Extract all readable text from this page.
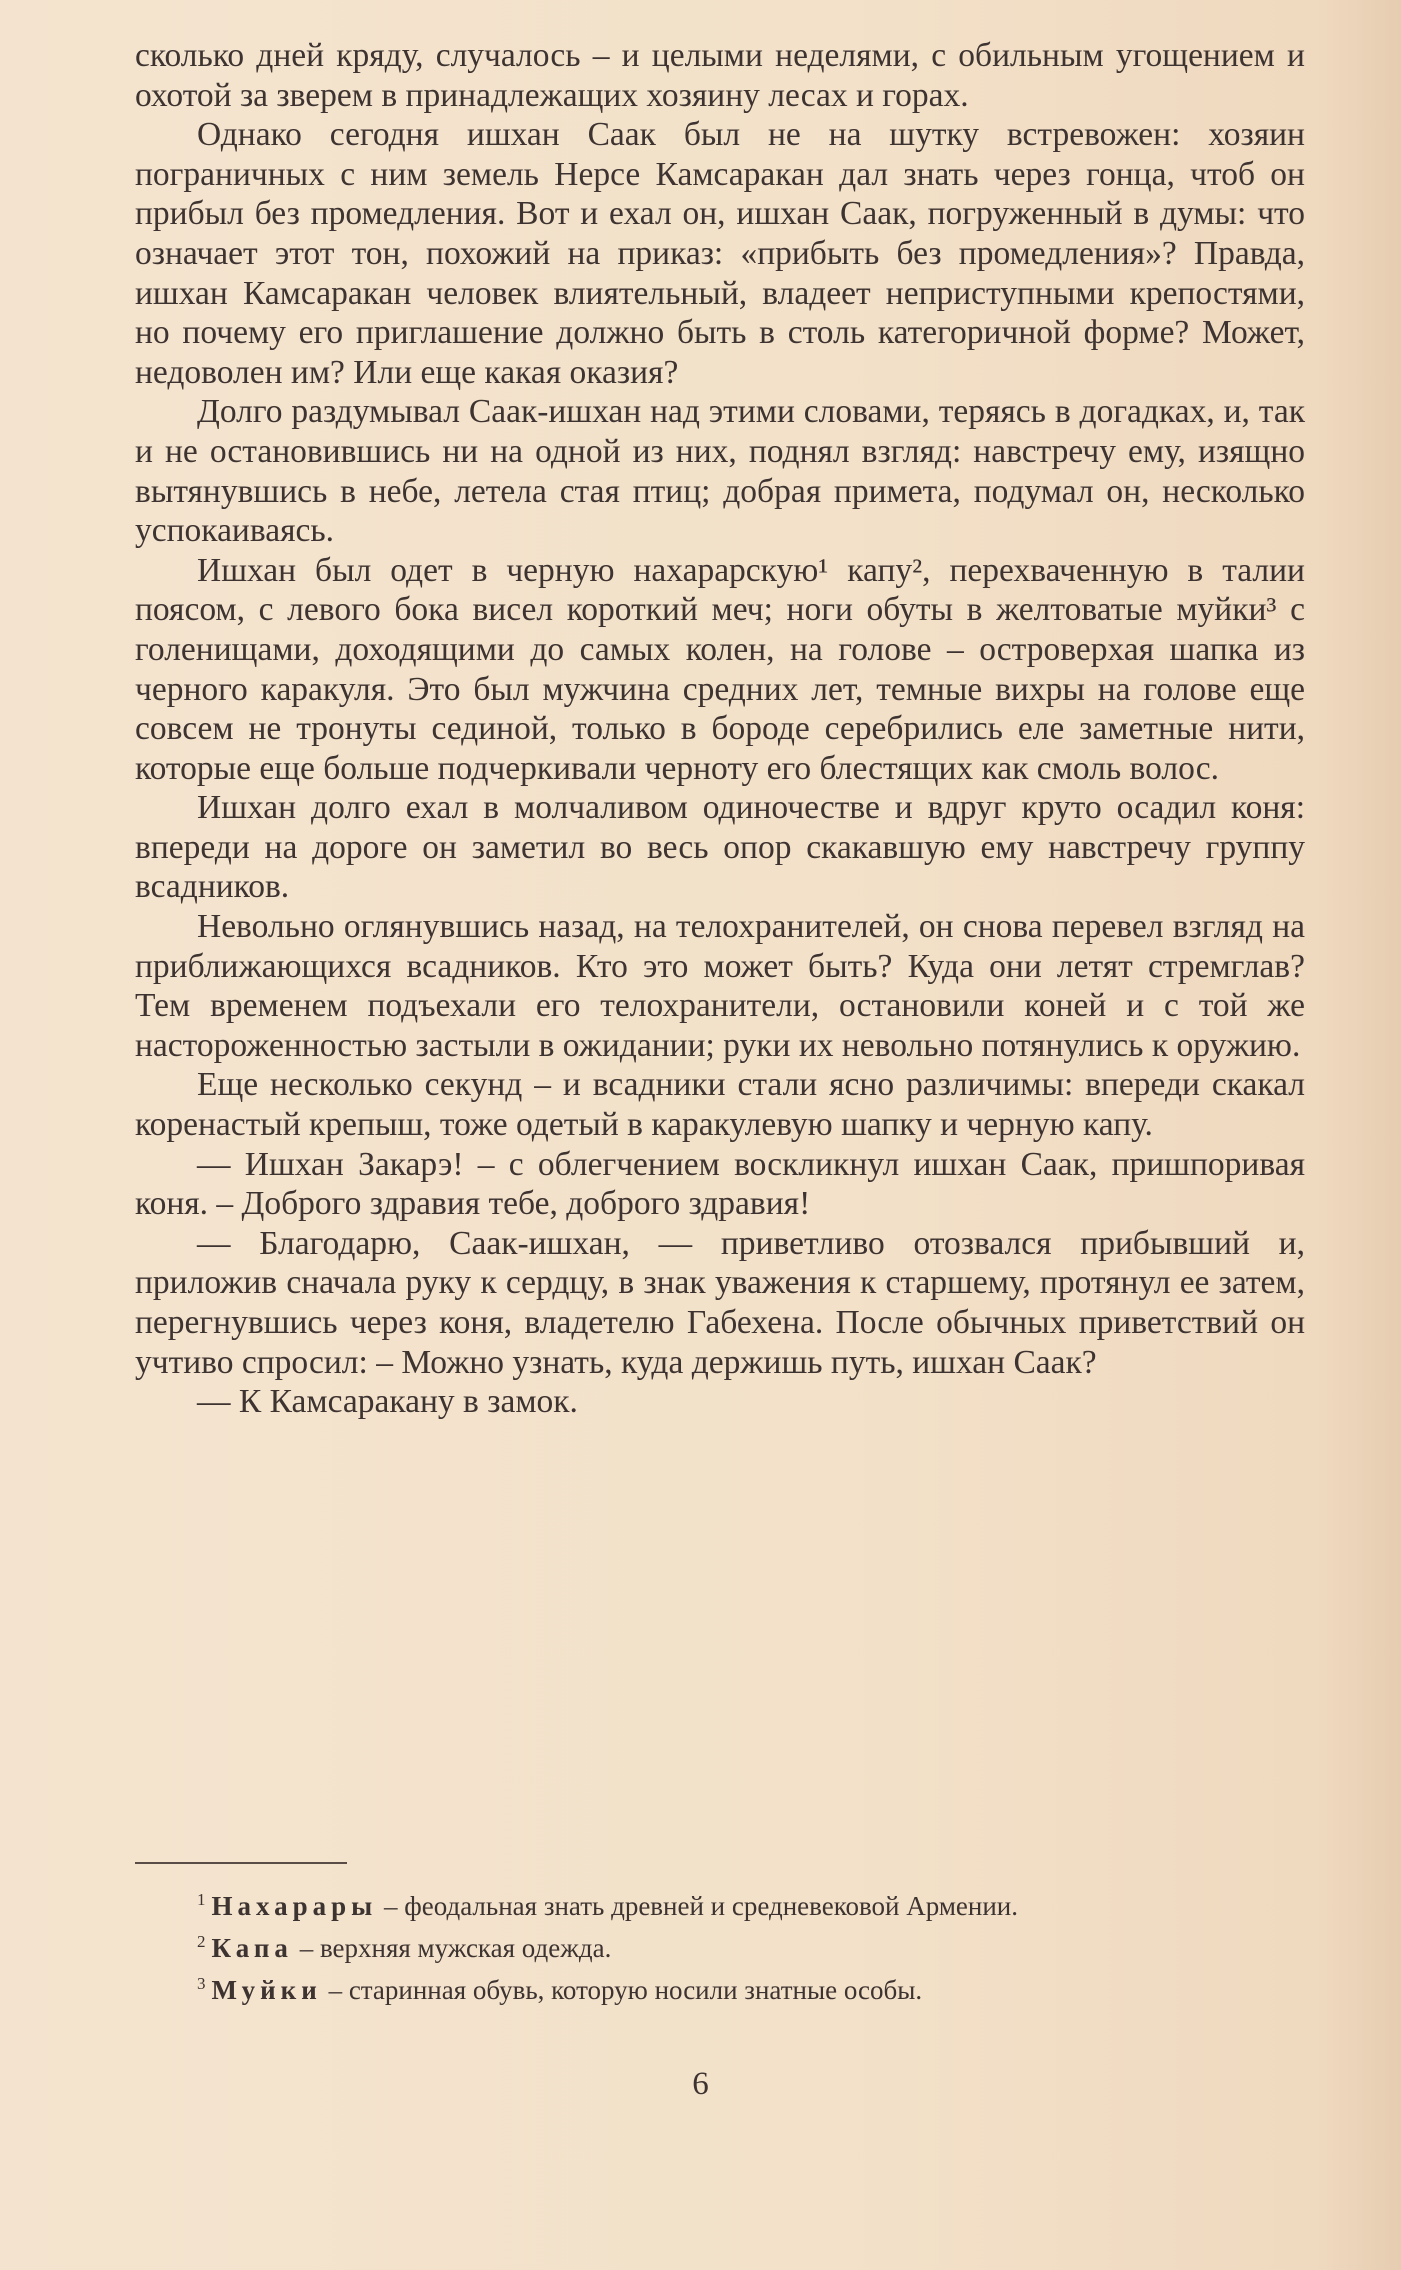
сколько дней кряду, случалось – и целыми неделями, с обильным угощением и охотой за зверем в принадлежащих хозяину лесах и горах.

Однако сегодня ишхан Саак был не на шутку встревожен: хозяин пограничных с ним земель Нерсе Камсаракан дал знать через гонца, чтоб он прибыл без промедления. Вот и ехал он, ишхан Саак, погруженный в думы: что означает этот тон, похожий на приказ: «прибыть без промедления»? Правда, ишхан Камсаракан человек влиятельный, владеет неприступными крепостями, но почему его приглашение должно быть в столь категоричной форме? Может, недоволен им? Или еще какая оказия?

Долго раздумывал Саак-ишхан над этими словами, теряясь в догадках, и, так и не остановившись ни на одной из них, поднял взгляд: навстречу ему, изящно вытянувшись в небе, летела стая птиц; добрая примета, подумал он, несколько успокаиваясь.

Ишхан был одет в черную нахарарскую¹ капу², перехваченную в талии поясом, с левого бока висел короткий меч; ноги обуты в желтоватые муйки³ с голенищами, доходящими до самых колен, на голове – островерхая шапка из черного каракуля. Это был мужчина средних лет, темные вихры на голове еще совсем не тронуты сединой, только в бороде серебрились еле заметные нити, которые еще больше подчеркивали черноту его блестящих как смоль волос.

Ишхан долго ехал в молчаливом одиночестве и вдруг круто осадил коня: впереди на дороге он заметил во весь опор скакавшую ему навстречу группу всадников.

Невольно оглянувшись назад, на телохранителей, он снова перевел взгляд на приближающихся всадников. Кто это может быть? Куда они летят стремглав? Тем временем подъехали его телохранители, остановили коней и с той же настороженностью застыли в ожидании; руки их невольно потянулись к оружию.

Еще несколько секунд – и всадники стали ясно различимы: впереди скакал коренастый крепыш, тоже одетый в каракулевую шапку и черную капу.

— Ишхан Закарэ! – с облегчением воскликнул ишхан Саак, пришпоривая коня. – Доброго здравия тебе, доброго здравия!

— Благодарю, Саак-ишхан, — приветливо отозвался прибывший и, приложив сначала руку к сердцу, в знак уважения к старшему, протянул ее затем, перегнувшись через коня, владетелю Габехена. После обычных приветствий он учтиво спросил: – Можно узнать, куда держишь путь, ишхан Саак?

— К Камсаракану в замок.

$^1$ Нахарары – феодальная знать древней и средневековой Армении.

$^2$ Капа – верхняя мужская одежда.

$^3$ Муйки – старинная обувь, которую носили знатные особы.

6
